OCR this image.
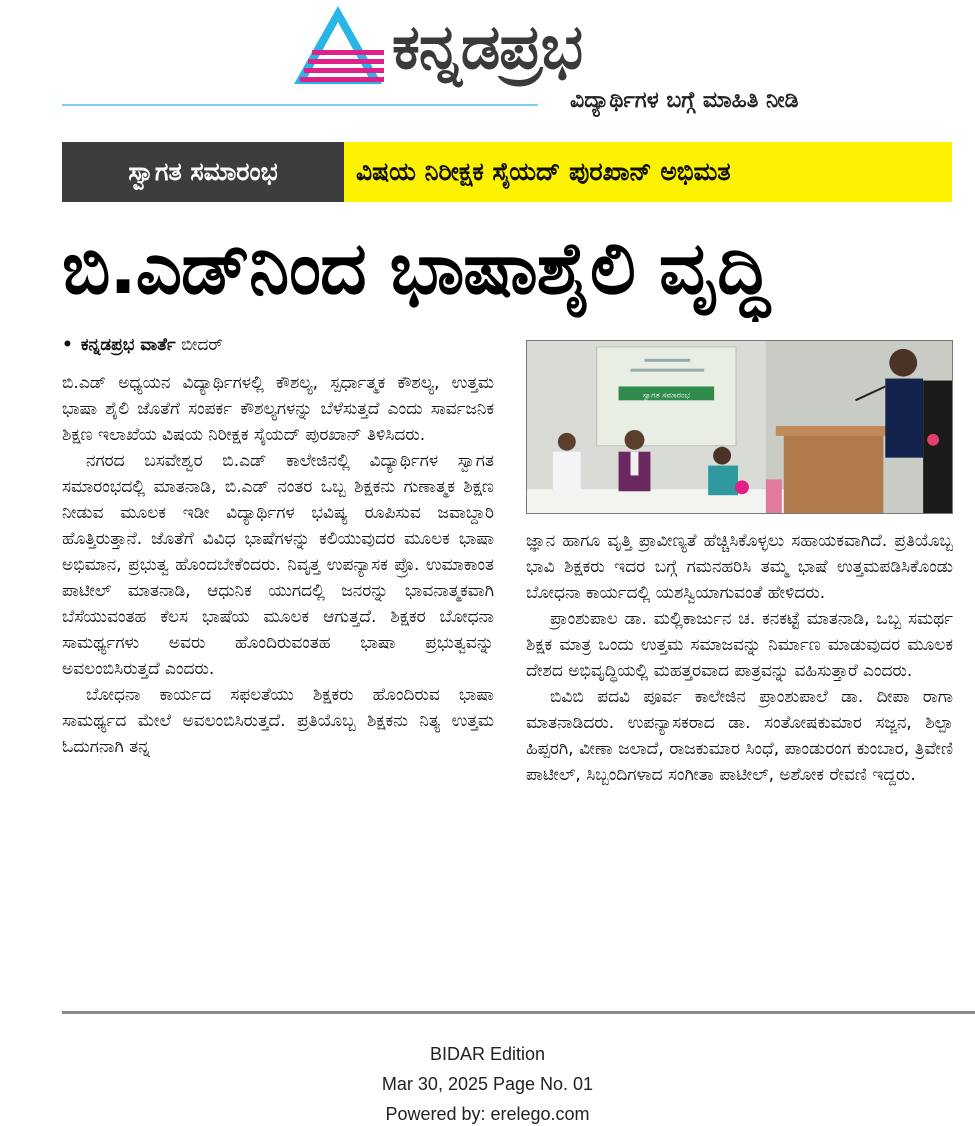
ಕನ್ನಡಪ್ರಭ
ವಿದ್ಯಾರ್ಥಿಗಳ ಬಗ್ಗೆ ಮಾಹಿತಿ ನೀಡಿ
ಸ್ವಾಗತ ಸಮಾರಂಭ	ವಿಷಯ ನಿರೀಕ್ಷಕ ಸೈಯದ್ ಪುರಖಾನ್ ಅಭಿಮತ
ಬಿ.ಎಡ್‌ನಿಂದ ಭಾಷಾಶೈಲಿ ವೃದ್ಧಿ
• ಕನ್ನಡಪ್ರಭ ವಾರ್ತೆ ಬೀದರ್

ಬಿ.ಎಡ್ ಅಧ್ಯಯನ ವಿದ್ಯಾರ್ಥಿಗಳಲ್ಲಿ ಕೌಶಲ್ಯ, ಸ್ಪರ್ಧಾತ್ಮಕ ಕೌಶಲ್ಯ, ಉತ್ತಮ ಭಾಷಾ ಶೈಲಿ ಜೊತೆಗೆ ಸಂಪರ್ಕ ಕೌಶಲ್ಯಗಳನ್ನು ಬೆಳೆಸುತ್ತದೆ ಎಂದು ಸಾರ್ವಜನಿಕ ಶಿಕ್ಷಣ ಇಲಾಖೆಯ ವಿಷಯ ನಿರೀಕ್ಷಕ ಸೈಯದ್ ಪುರಖಾನ್ ತಿಳಿಸಿದರು.

ನಗರದ ಬಸವೇಶ್ವರ ಬಿ.ಎಡ್ ಕಾಲೇಜಿನಲ್ಲಿ ವಿದ್ಯಾರ್ಥಿಗಳ ಸ್ವಾಗತ ಸಮಾರಂಭದಲ್ಲಿ ಮಾತನಾಡಿ, ಬಿ.ಎಡ್ ನಂತರ ಒಬ್ಬ ಶಿಕ್ಷಕನು ಗುಣಾತ್ಮಕ ಶಿಕ್ಷಣ ನೀಡುವ ಮೂಲಕ ಇಡೀ ವಿದ್ಯಾರ್ಥಿಗಳ ಭವಿಷ್ಯ ರೂಪಿಸುವ ಜವಾಬ್ದಾರಿ ಹೊತ್ತಿರುತ್ತಾನೆ. ಜೊತೆಗೆ ವಿವಿಧ ಭಾಷೆಗಳನ್ನು ಕಲಿಯುವುದರ ಮೂಲಕ ಭಾಷಾ ಅಭಿಮಾನ, ಪ್ರಭುತ್ವ ಹೊಂದಬೇಕೆಂದರು. ನಿವೃತ್ತ ಉಪನ್ಯಾಸಕ ಪ್ರೊ. ಉಮಾಕಾಂತ ಪಾಟೀಲ್ ಮಾತನಾಡಿ, ಆಧುನಿಕ ಯುಗದಲ್ಲಿ ಜನರನ್ನು ಭಾವನಾತ್ಮಕವಾಗಿ ಬೆಸೆಯುವಂತಹ ಕೆಲಸ ಭಾಷೆಯ ಮೂಲಕ ಆಗುತ್ತದೆ. ಶಿಕ್ಷಕರ ಬೋಧನಾ ಸಾಮರ್ಥ್ಯಗಳು ಅವರು ಹೊಂದಿರುವಂತಹ ಭಾಷಾ ಪ್ರಭುತ್ವವನ್ನು ಅವಲಂಬಿಸಿರುತ್ತದೆ ಎಂದರು.

ಬೋಧನಾ ಕಾರ್ಯದ ಸಫಲತೆಯು ಶಿಕ್ಷಕರು ಹೊಂದಿರುವ ಭಾಷಾ ಸಾಮರ್ಥ್ಯದ ಮೇಲೆ ಅವಲಂಬಿಸಿರುತ್ತದೆ. ಪ್ರತಿಯೊಬ್ಬ ಶಿಕ್ಷಕನು ನಿತ್ಯ ಉತ್ತಮ ಓದುಗನಾಗಿ ತನ್ನ

ಸ್ವಾಗತ ಸಮಾರಂಭ

ಜ್ಞಾನ ಹಾಗೂ ವೃತ್ತಿ ಪ್ರಾವೀಣ್ಯತೆ ಹೆಚ್ಚಿಸಿಕೊಳ್ಳಲು ಸಹಾಯಕವಾಗಿದೆ. ಪ್ರತಿಯೊಬ್ಬ ಭಾವಿ ಶಿಕ್ಷಕರು ಇದರ ಬಗ್ಗೆ ಗಮನಹರಿಸಿ ತಮ್ಮ ಭಾಷೆ ಉತ್ತಮಪಡಿಸಿಕೊಂಡು ಬೋಧನಾ ಕಾರ್ಯದಲ್ಲಿ ಯಶಸ್ವಿಯಾಗುವಂತೆ ಹೇಳಿದರು.

ಪ್ರಾಂಶುಪಾಲ ಡಾ. ಮಲ್ಲಿಕಾರ್ಜುನ ಚ. ಕನಕಟ್ಟೆ ಮಾತನಾಡಿ, ಒಬ್ಬ ಸಮರ್ಥ ಶಿಕ್ಷಕ ಮಾತ್ರ ಒಂದು ಉತ್ತಮ ಸಮಾಜವನ್ನು ನಿರ್ಮಾಣ ಮಾಡುವುದರ ಮೂಲಕ ದೇಶದ ಅಭಿವೃದ್ಧಿಯಲ್ಲಿ ಮಹತ್ತರವಾದ ಪಾತ್ರವನ್ನು ವಹಿಸುತ್ತಾರೆ ಎಂದರು.

ಬಿವಿಬಿ ಪದವಿ ಪೂರ್ವ ಕಾಲೇಜಿನ ಪ್ರಾಂಶುಪಾಲೆ ಡಾ. ದೀಪಾ ರಾಗಾ ಮಾತನಾಡಿದರು. ಉಪನ್ಯಾಸಕರಾದ ಡಾ. ಸಂತೋಷಕುಮಾರ ಸಜ್ಜನ, ಶಿಲ್ಪಾ ಹಿಪ್ಪರಗಿ, ವೀಣಾ ಜಲಾದೆ, ರಾಜಕುಮಾರ ಸಿಂಧೆ, ಪಾಂಡುರಂಗ ಕುಂಬಾರ, ತ್ರಿವೇಣಿ ಪಾಟೀಲ್, ಸಿಬ್ಬಂದಿಗಳಾದ ಸಂಗೀತಾ ಪಾಟೀಲ್, ಅಶೋಕ ರೇವಣಿ ಇದ್ದರು.

BIDAR Edition
Mar 30, 2025 Page No. 01
Powered by: erelego.com
